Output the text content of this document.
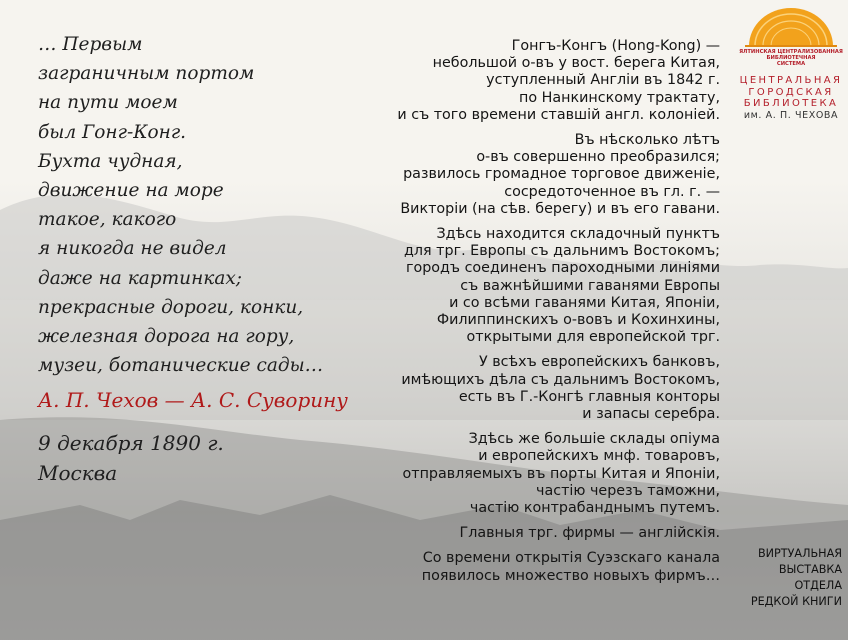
… Первым
заграничным портом
на пути моем
был Гонг-Конг.
Бухта чудная,
движение на море
такое, какого
я никогда не видел
даже на картинках;
прекрасные дороги, конки,
железная дорога на гору,
музеи, ботанические сады…
А. П. Чехов — А. С. Суворину
9 декабря 1890 г.
Москва

Гонгъ-Конгъ (Hong-Kong) —
небольшой о-въ у вост. берега Китая,
уступленный Англіи въ 1842 г.
по Нанкинскому трактату,
и съ того времени ставшій англ. колоніей.

Въ нѣсколько лѣтъ
о-въ совершенно преобразился;
развилось громадное торговое движеніе,
сосредоточенное въ гл. г. —
Викторіи (на сѣв. берегу) и въ его гавани.

Здѣсь находится складочный пунктъ
для трг. Европы съ дальнимъ Востокомъ;
городъ соединенъ пароходными линіями
съ важнѣйшими гаванями Европы
и со всѣми гаванями Китая, Японіи,
Филиппинскихъ о-вовъ и Кохинхины,
открытыми для европейской трг.

У всѣхъ европейскихъ банковъ,
имѣющихъ дѣла съ дальнимъ Востокомъ,
есть въ Г.-Конгѣ главныя конторы
и запасы серебра.

Здѣсь же большіе склады опіума
и европейскихъ мнф. товаровъ,
отправляемыхъ въ порты Китая и Японіи,
частію черезъ таможни,
частію контрабанднымъ путемъ.

Главныя трг. фирмы — англійскія.

Со времени открытія Суэзскаго канала
появилось множество новыхъ фирмъ…

ЯЛТИНСКАЯ ЦЕНТРАЛИЗОВАННАЯ
БИБЛИОТЕЧНАЯ
СИСТЕМА
ЦЕНТРАЛЬНАЯ
ГОРОДСКАЯ
БИБЛИОТЕКА
им. А. П. ЧЕХОВА
ВИРТУАЛЬНАЯ
ВЫСТАВКА
ОТДЕЛА
РЕДКОЙ КНИГИ
